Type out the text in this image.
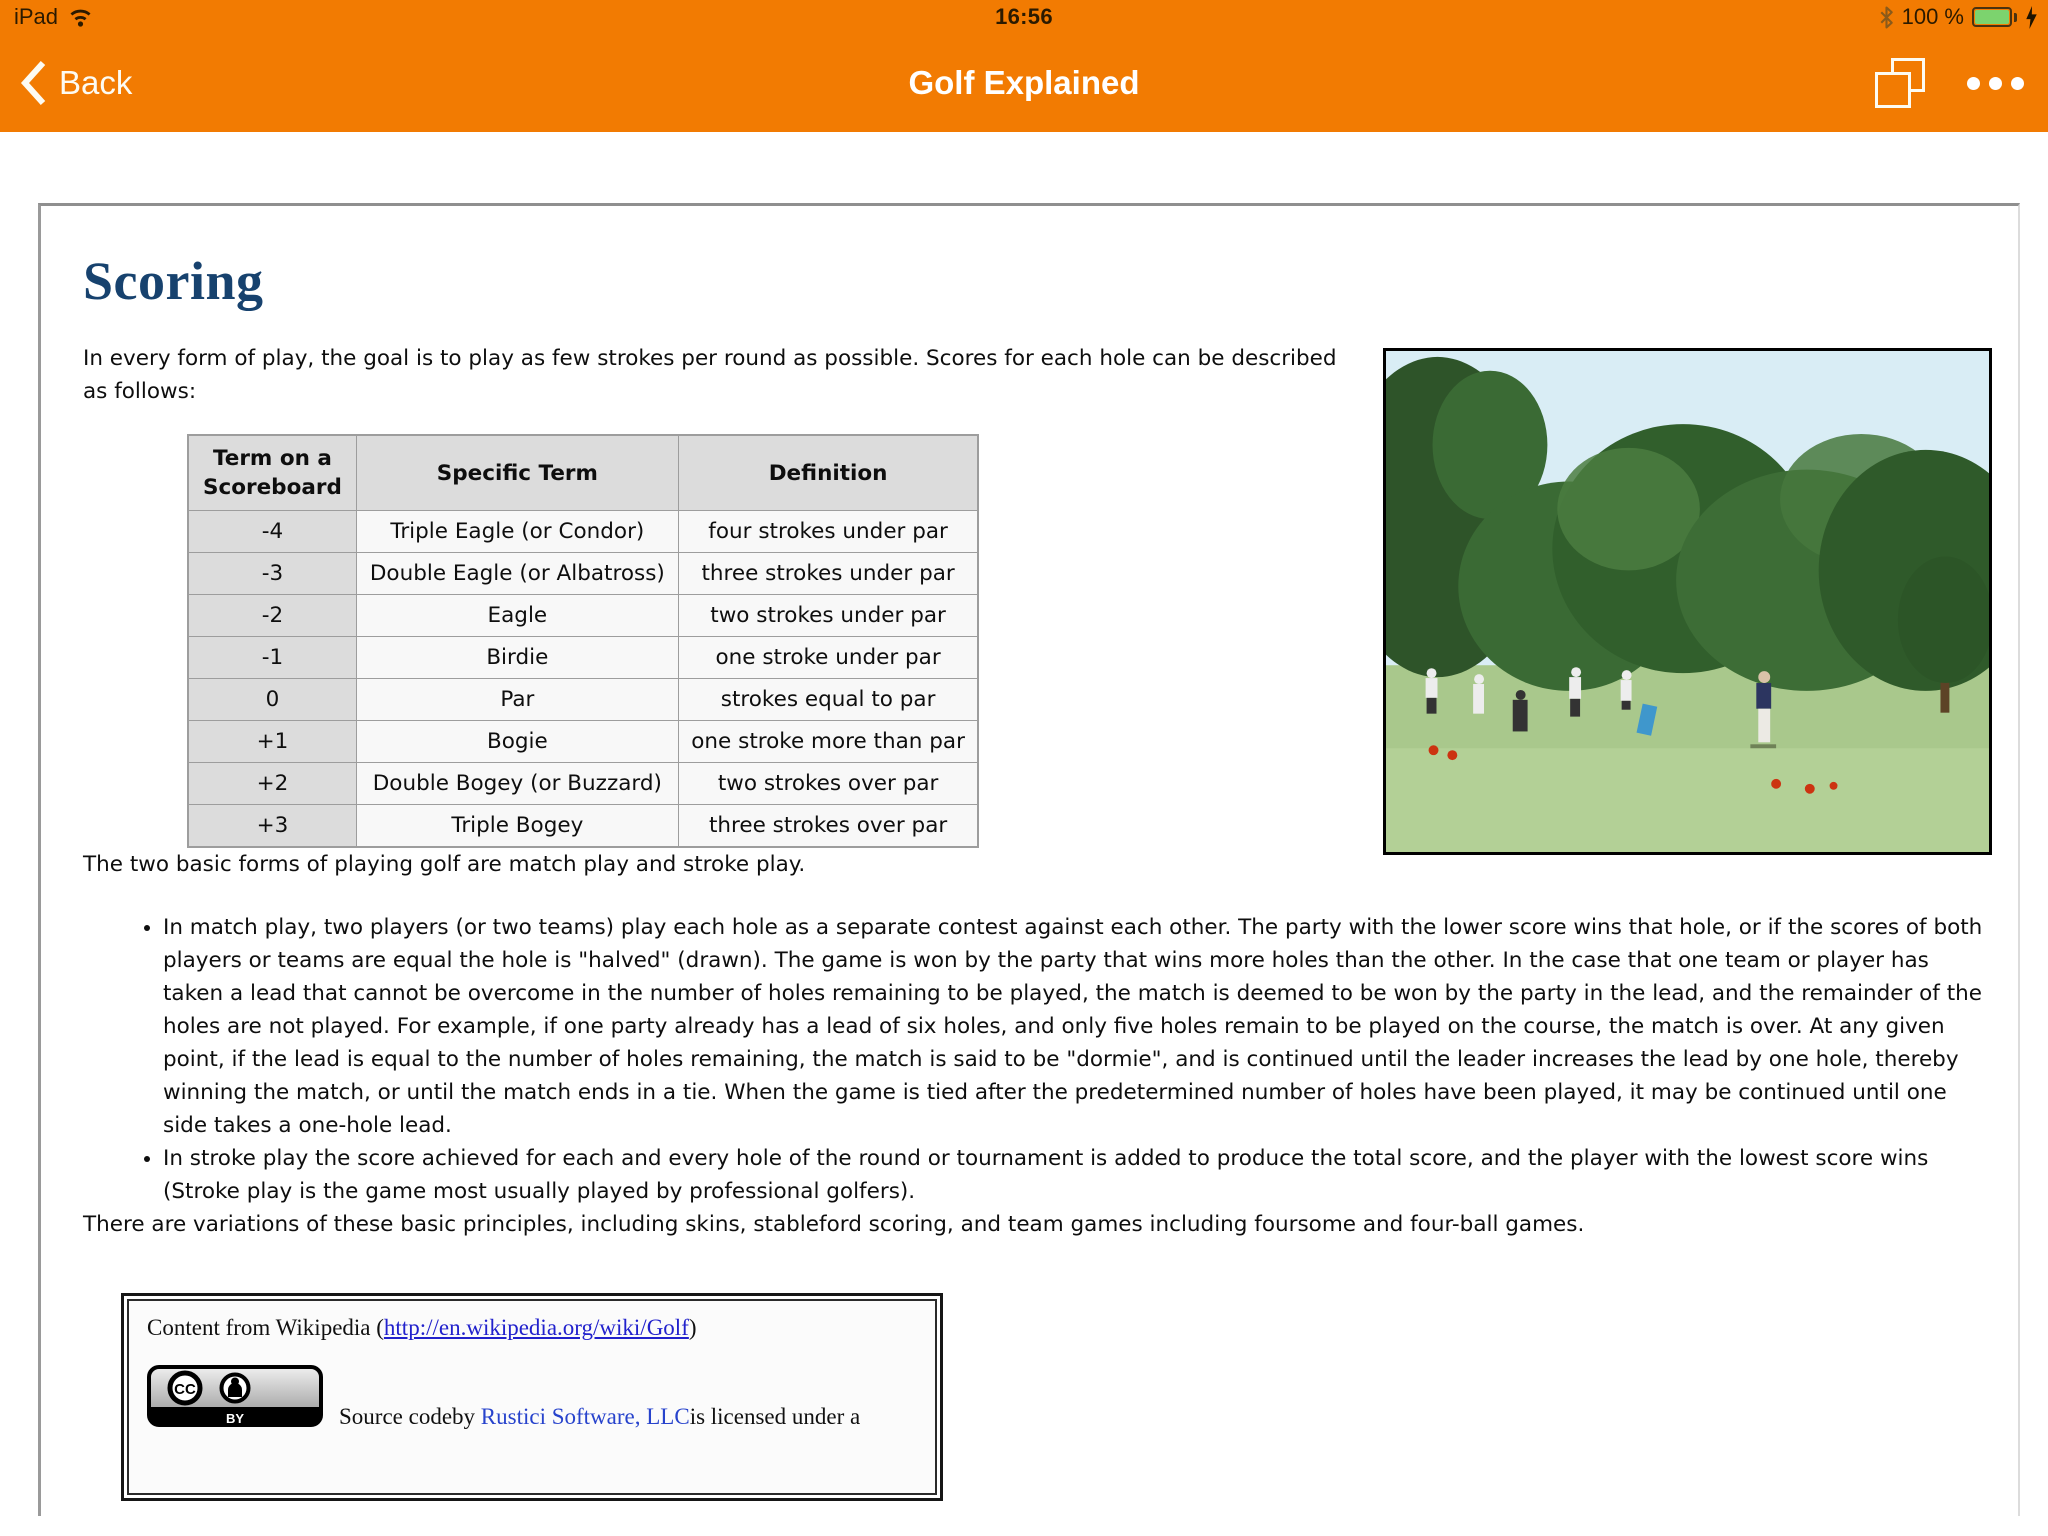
iPad	16:56	100 %
Back	Golf Explained
Scoring

In every form of play, the goal is to play as few strokes per round as possible. Scores for each hole can be described as follows:

Term on a Scoreboard	Specific Term	Definition
-4	Triple Eagle (or Condor)	four strokes under par
-3	Double Eagle (or Albatross)	three strokes under par
-2	Eagle	two strokes under par
-1	Birdie	one stroke under par
0	Par	strokes equal to par
+1	Bogie	one stroke more than par
+2	Double Bogey (or Buzzard)	two strokes over par
+3	Triple Bogey	three strokes over par

The two basic forms of playing golf are match play and stroke play.

• In match play, two players (or two teams) play each hole as a separate contest against each other. The party with the lower score wins that hole, or if the scores of both players or teams are equal the hole is "halved" (drawn). The game is won by the party that wins more holes than the other. In the case that one team or player has taken a lead that cannot be overcome in the number of holes remaining to be played, the match is deemed to be won by the party in the lead, and the remainder of the holes are not played. For example, if one party already has a lead of six holes, and only five holes remain to be played on the course, the match is over. At any given point, if the lead is equal to the number of holes remaining, the match is said to be "dormie", and is continued until the leader increases the lead by one hole, thereby winning the match, or until the match ends in a tie. When the game is tied after the predetermined number of holes have been played, it may be continued until one side takes a one-hole lead.
• In stroke play the score achieved for each and every hole of the round or tournament is added to produce the total score, and the player with the lowest score wins (Stroke play is the game most usually played by professional golfers).

There are variations of these basic principles, including skins, stableford scoring, and team games including foursome and four-ball games.

Content from Wikipedia (http://en.wikipedia.org/wiki/Golf)

CC
BY	Source codeby Rustici Software, LLCis licensed under a
